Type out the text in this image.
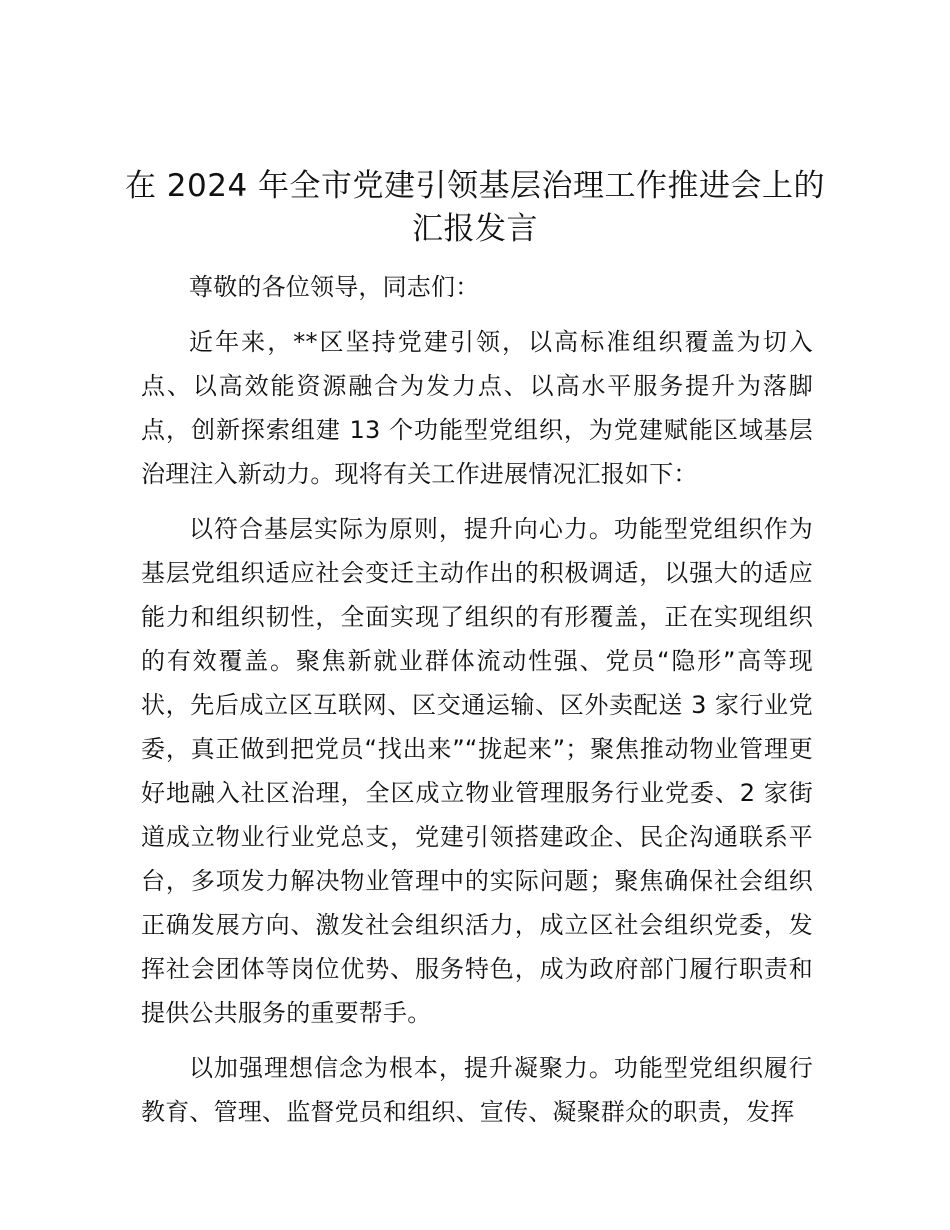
在 2024 年全市党建引领基层治理工作推进会上的汇报发言

尊敬的各位领导，同志们：

近年来，**区坚持党建引领，以高标准组织覆盖为切入点、以高效能资源融合为发力点、以高水平服务提升为落脚点，创新探索组建 13 个功能型党组织，为党建赋能区域基层治理注入新动力。现将有关工作进展情况汇报如下：

以符合基层实际为原则，提升向心力。功能型党组织作为基层党组织适应社会变迁主动作出的积极调适，以强大的适应能力和组织韧性，全面实现了组织的有形覆盖，正在实现组织的有效覆盖。聚焦新就业群体流动性强、党员“隐形”高等现状，先后成立区互联网、区交通运输、区外卖配送 3 家行业党委，真正做到把党员“找出来”“拢起来”；聚焦推动物业管理更好地融入社区治理，全区成立物业管理服务行业党委、2 家街道成立物业行业党总支，党建引领搭建政企、民企沟通联系平台，多项发力解决物业管理中的实际问题；聚焦确保社会组织正确发展方向、激发社会组织活力，成立区社会组织党委，发挥社会团体等岗位优势、服务特色，成为政府部门履行职责和提供公共服务的重要帮手。

以加强理想信念为根本，提升凝聚力。功能型党组织履行教育、管理、监督党员和组织、宣传、凝聚群众的职责，发挥
